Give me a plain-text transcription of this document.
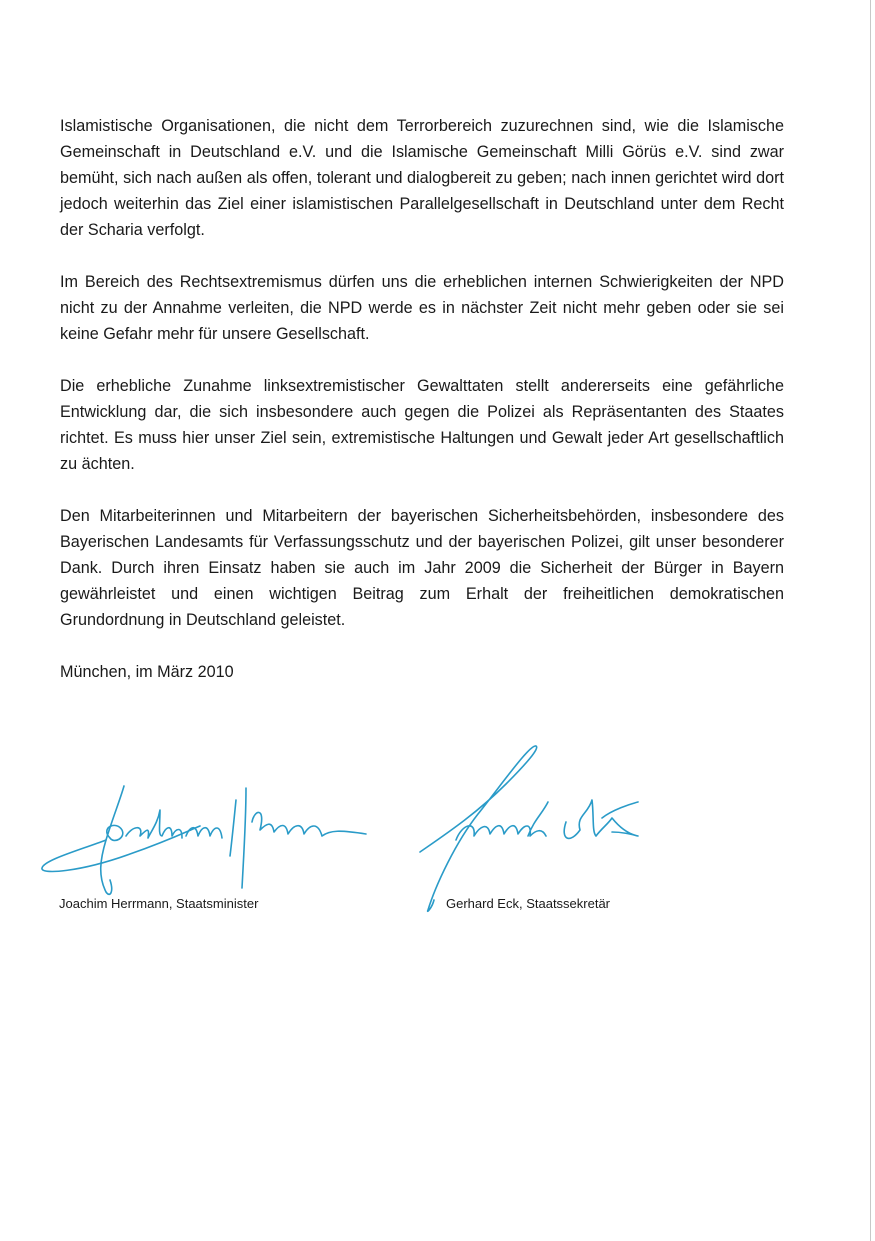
Islamistische Organisationen, die nicht dem Terrorbereich zuzurechnen sind, wie die Islamische Gemeinschaft in Deutschland e.V. und die Islamische Gemeinschaft Milli Görüs e.V. sind zwar bemüht, sich nach außen als offen, tolerant und dialogbereit zu geben; nach innen gerichtet wird dort jedoch weiterhin das Ziel einer islamistischen Parallelgesellschaft in Deutschland unter dem Recht der Scharia verfolgt.

Im Bereich des Rechtsextremismus dürfen uns die erheblichen internen Schwierigkeiten der NPD nicht zu der Annahme verleiten, die NPD werde es in nächster Zeit nicht mehr geben oder sie sei keine Gefahr mehr für unsere Gesellschaft.

Die erhebliche Zunahme linksextremistischer Gewalttaten stellt andererseits eine gefährliche Entwicklung dar, die sich insbesondere auch gegen die Polizei als Repräsentanten des Staates richtet. Es muss hier unser Ziel sein, extremistische Haltungen und Gewalt jeder Art gesellschaftlich zu ächten.

Den Mitarbeiterinnen und Mitarbeitern der bayerischen Sicherheitsbehörden, insbesondere des Bayerischen Landesamts für Verfassungsschutz und der bayerischen Polizei, gilt unser besonderer Dank. Durch ihren Einsatz haben sie auch im Jahr 2009 die Sicherheit der Bürger in Bayern gewährleistet und einen wichtigen Beitrag zum Erhalt der freiheitlichen demokratischen Grundordnung in Deutschland geleistet.

München, im März 2010

Joachim Herrmann, Staatsminister	Gerhard Eck, Staatssekretär
